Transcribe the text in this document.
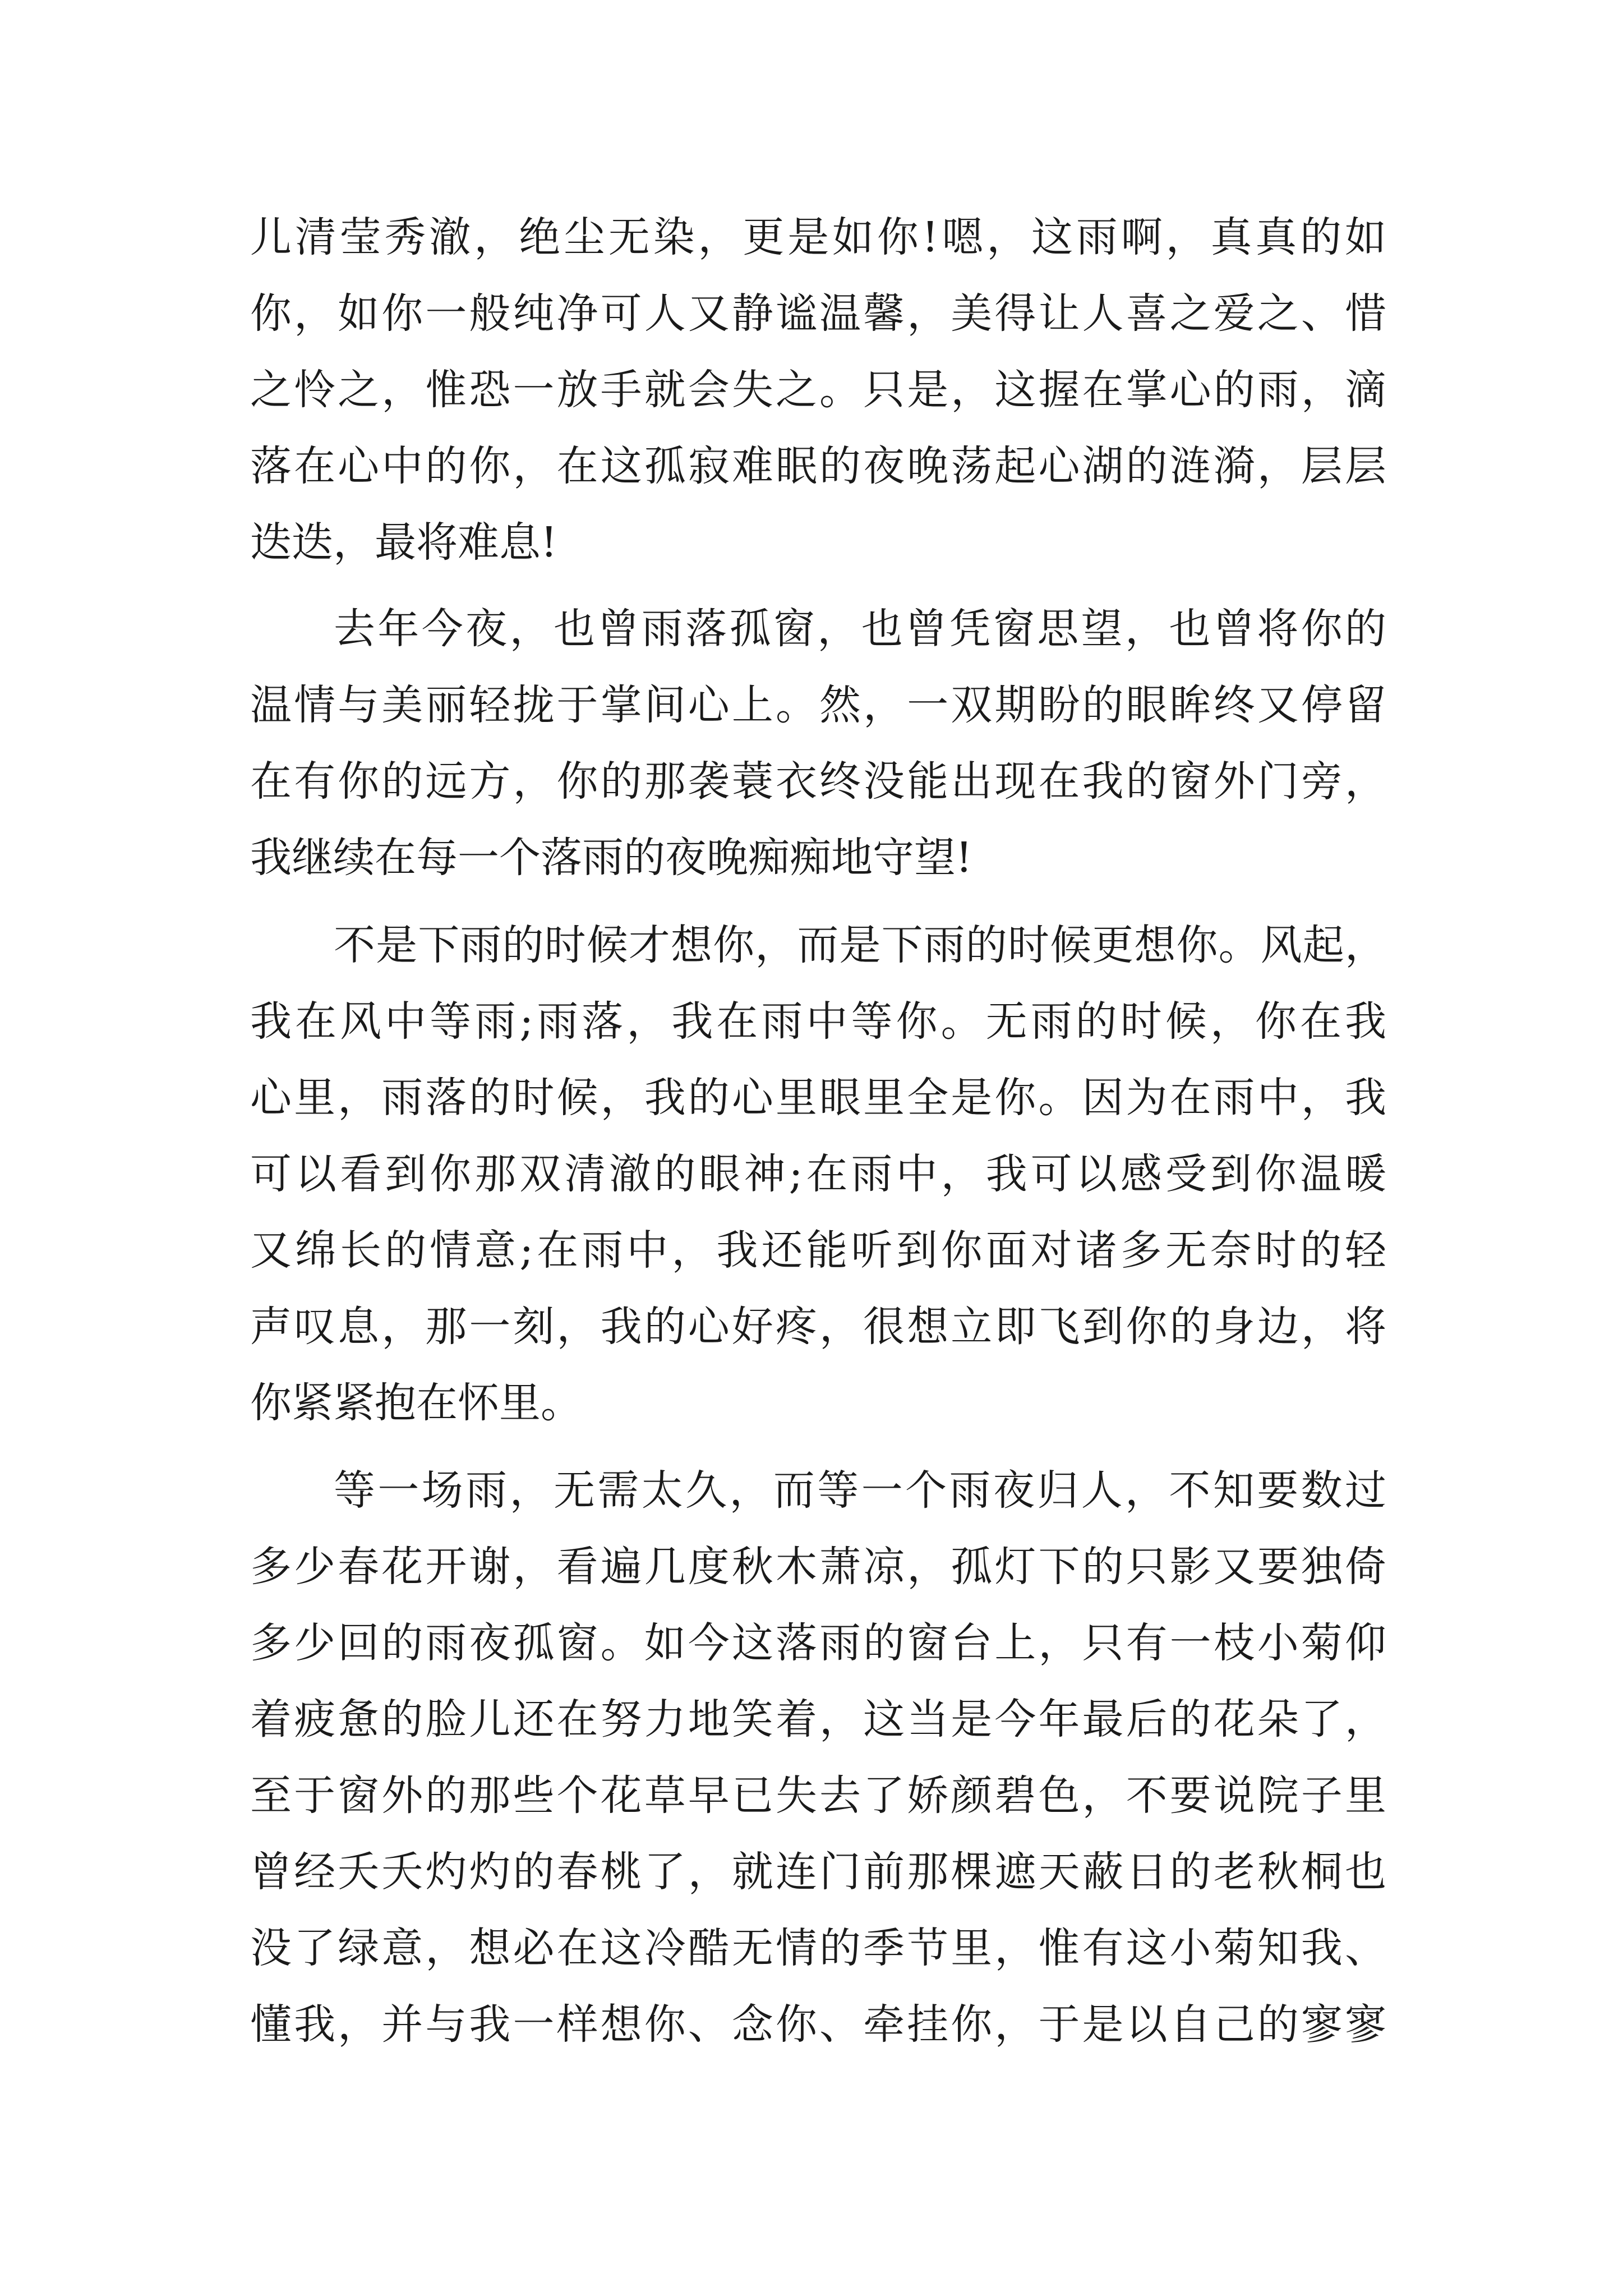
儿清莹秀澈，绝尘无染，更是如你!嗯，这雨啊，真真的如
你，如你一般纯净可人又静谧温馨，美得让人喜之爱之、惜
之怜之，惟恐一放手就会失之。只是，这握在掌心的雨，滴
落在心中的你，在这孤寂难眠的夜晚荡起心湖的涟漪，层层
迭迭，最将难息!
去年今夜，也曾雨落孤窗，也曾凭窗思望，也曾将你的
温情与美丽轻拢于掌间心上。然，一双期盼的眼眸终又停留
在有你的远方，你的那袭蓑衣终没能出现在我的窗外门旁，
我继续在每一个落雨的夜晚痴痴地守望!
不是下雨的时候才想你，而是下雨的时候更想你。风起，
我在风中等雨;雨落，我在雨中等你。无雨的时候，你在我
心里，雨落的时候，我的心里眼里全是你。因为在雨中，我
可以看到你那双清澈的眼神;在雨中，我可以感受到你温暖
又绵长的情意;在雨中，我还能听到你面对诸多无奈时的轻
声叹息，那一刻，我的心好疼，很想立即飞到你的身边，将
你紧紧抱在怀里。
等一场雨，无需太久，而等一个雨夜归人，不知要数过
多少春花开谢，看遍几度秋木萧凉，孤灯下的只影又要独倚
多少回的雨夜孤窗。如今这落雨的窗台上，只有一枝小菊仰
着疲惫的脸儿还在努力地笑着，这当是今年最后的花朵了，
至于窗外的那些个花草早已失去了娇颜碧色，不要说院子里
曾经夭夭灼灼的春桃了，就连门前那棵遮天蔽日的老秋桐也
没了绿意，想必在这冷酷无情的季节里，惟有这小菊知我、
懂我，并与我一样想你、念你、牵挂你，于是以自己的寥寥
